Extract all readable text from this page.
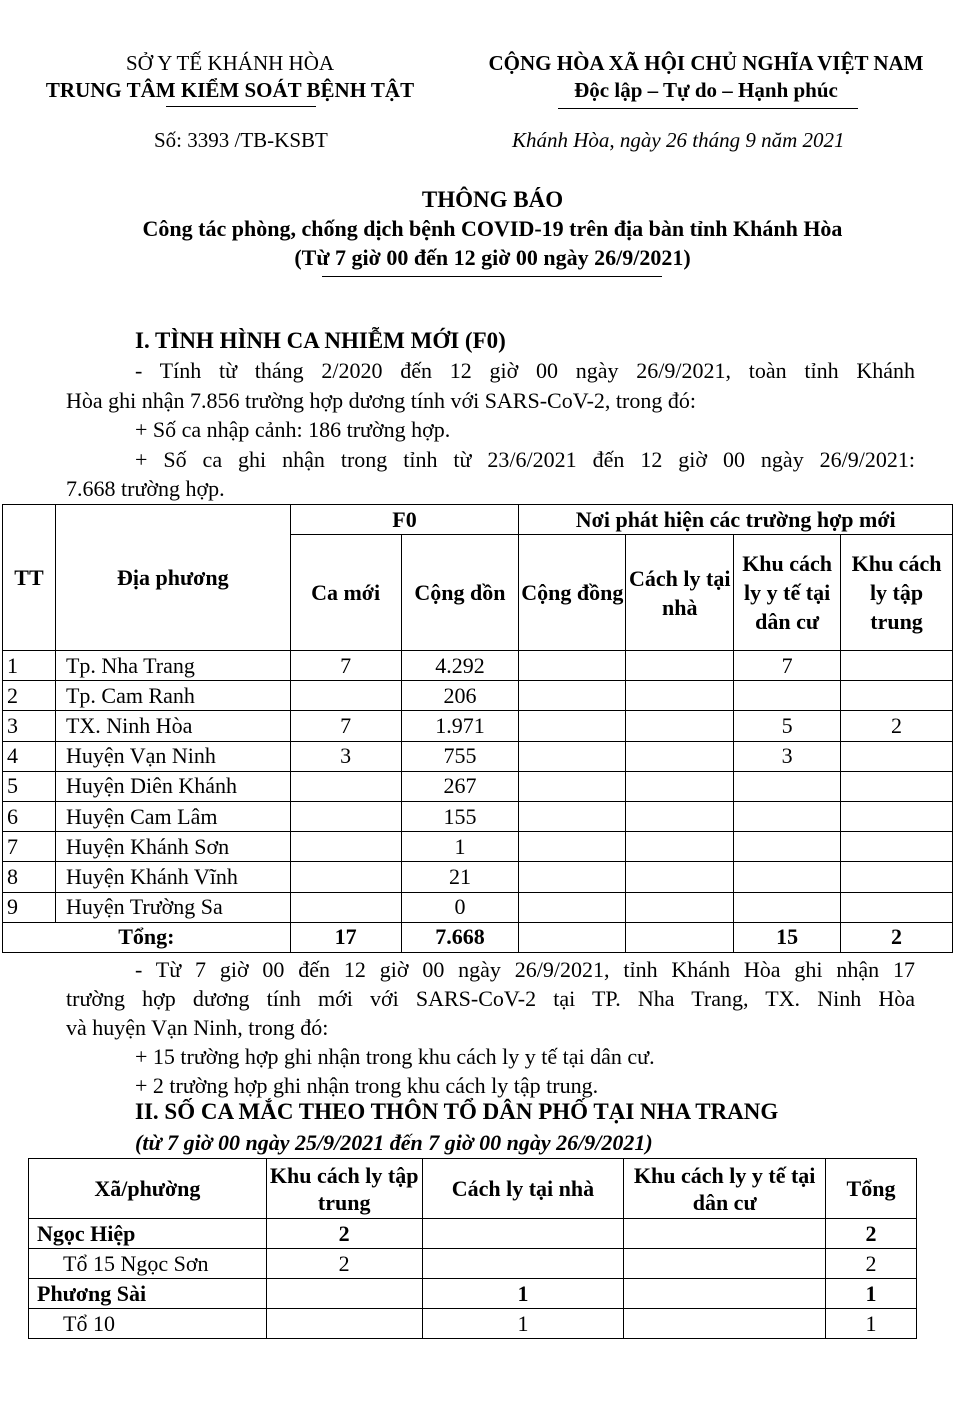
SỞ Y TẾ KHÁNH HÒA
TRUNG TÂM KIỂM SOÁT BỆNH TẬT
CỘNG HÒA XÃ HỘI CHỦ NGHĨA VIỆT NAM
Độc lập – Tự do – Hạnh phúc
Số: 3393 /TB-KSBT	Khánh Hòa, ngày 26 tháng 9 năm 2021
THÔNG BÁO
Công tác phòng, chống dịch bệnh COVID-19 trên địa bàn tỉnh Khánh Hòa
(Từ 7 giờ 00 đến 12 giờ 00 ngày 26/9/2021)
I. TÌNH HÌNH CA NHIỄM MỚI (F0)
- Tính từ tháng 2/2020 đến 12 giờ 00 ngày 26/9/2021, toàn tỉnh Khánh
Hòa ghi nhận 7.856 trường hợp dương tính với SARS-CoV-2, trong đó:
+ Số ca nhập cảnh: 186 trường hợp.
+ Số ca ghi nhận trong tỉnh từ 23/6/2021 đến 12 giờ 00 ngày 26/9/2021:
7.668 trường hợp.
TT	Địa phương	F0		Nơi phát hiện các trường hợp mới			
		Ca mới	Cộng dồn	Cộng đồng	Cách ly tại nhà	Khu cách ly y tế tại dân cư	Khu cách ly tập trung
1	Tp. Nha Trang	7	4.292			7	
2	Tp. Cam Ranh		206				
3	TX. Ninh Hòa	7	1.971			5	2
4	Huyện Vạn Ninh	3	755			3	
5	Huyện Diên Khánh		267				
6	Huyện Cam Lâm		155				
7	Huyện Khánh Sơn		1				
8	Huyện Khánh Vĩnh		21				
9	Huyện Trường Sa		0				
Tổng:		17	7.668			15	2
- Từ 7 giờ 00 đến 12 giờ 00 ngày 26/9/2021, tỉnh Khánh Hòa ghi nhận 17
trường hợp dương tính mới với SARS-CoV-2 tại TP. Nha Trang, TX. Ninh Hòa
và huyện Vạn Ninh, trong đó:
+ 15 trường hợp ghi nhận trong khu cách ly y tế tại dân cư.
+ 2 trường hợp ghi nhận trong khu cách ly tập trung.
II. SỐ CA MẮC THEO THÔN TỔ DÂN PHỐ TẠI NHA TRANG
(từ 7 giờ 00 ngày 25/9/2021 đến 7 giờ 00 ngày 26/9/2021)
Xã/phường	Khu cách ly tập trung	Cách ly tại nhà	Khu cách ly y tế tại dân cư	Tổng
Ngọc Hiệp	2			2
Tổ 15 Ngọc Sơn	2			2
Phương Sài		1		1
Tổ 10		1		1
